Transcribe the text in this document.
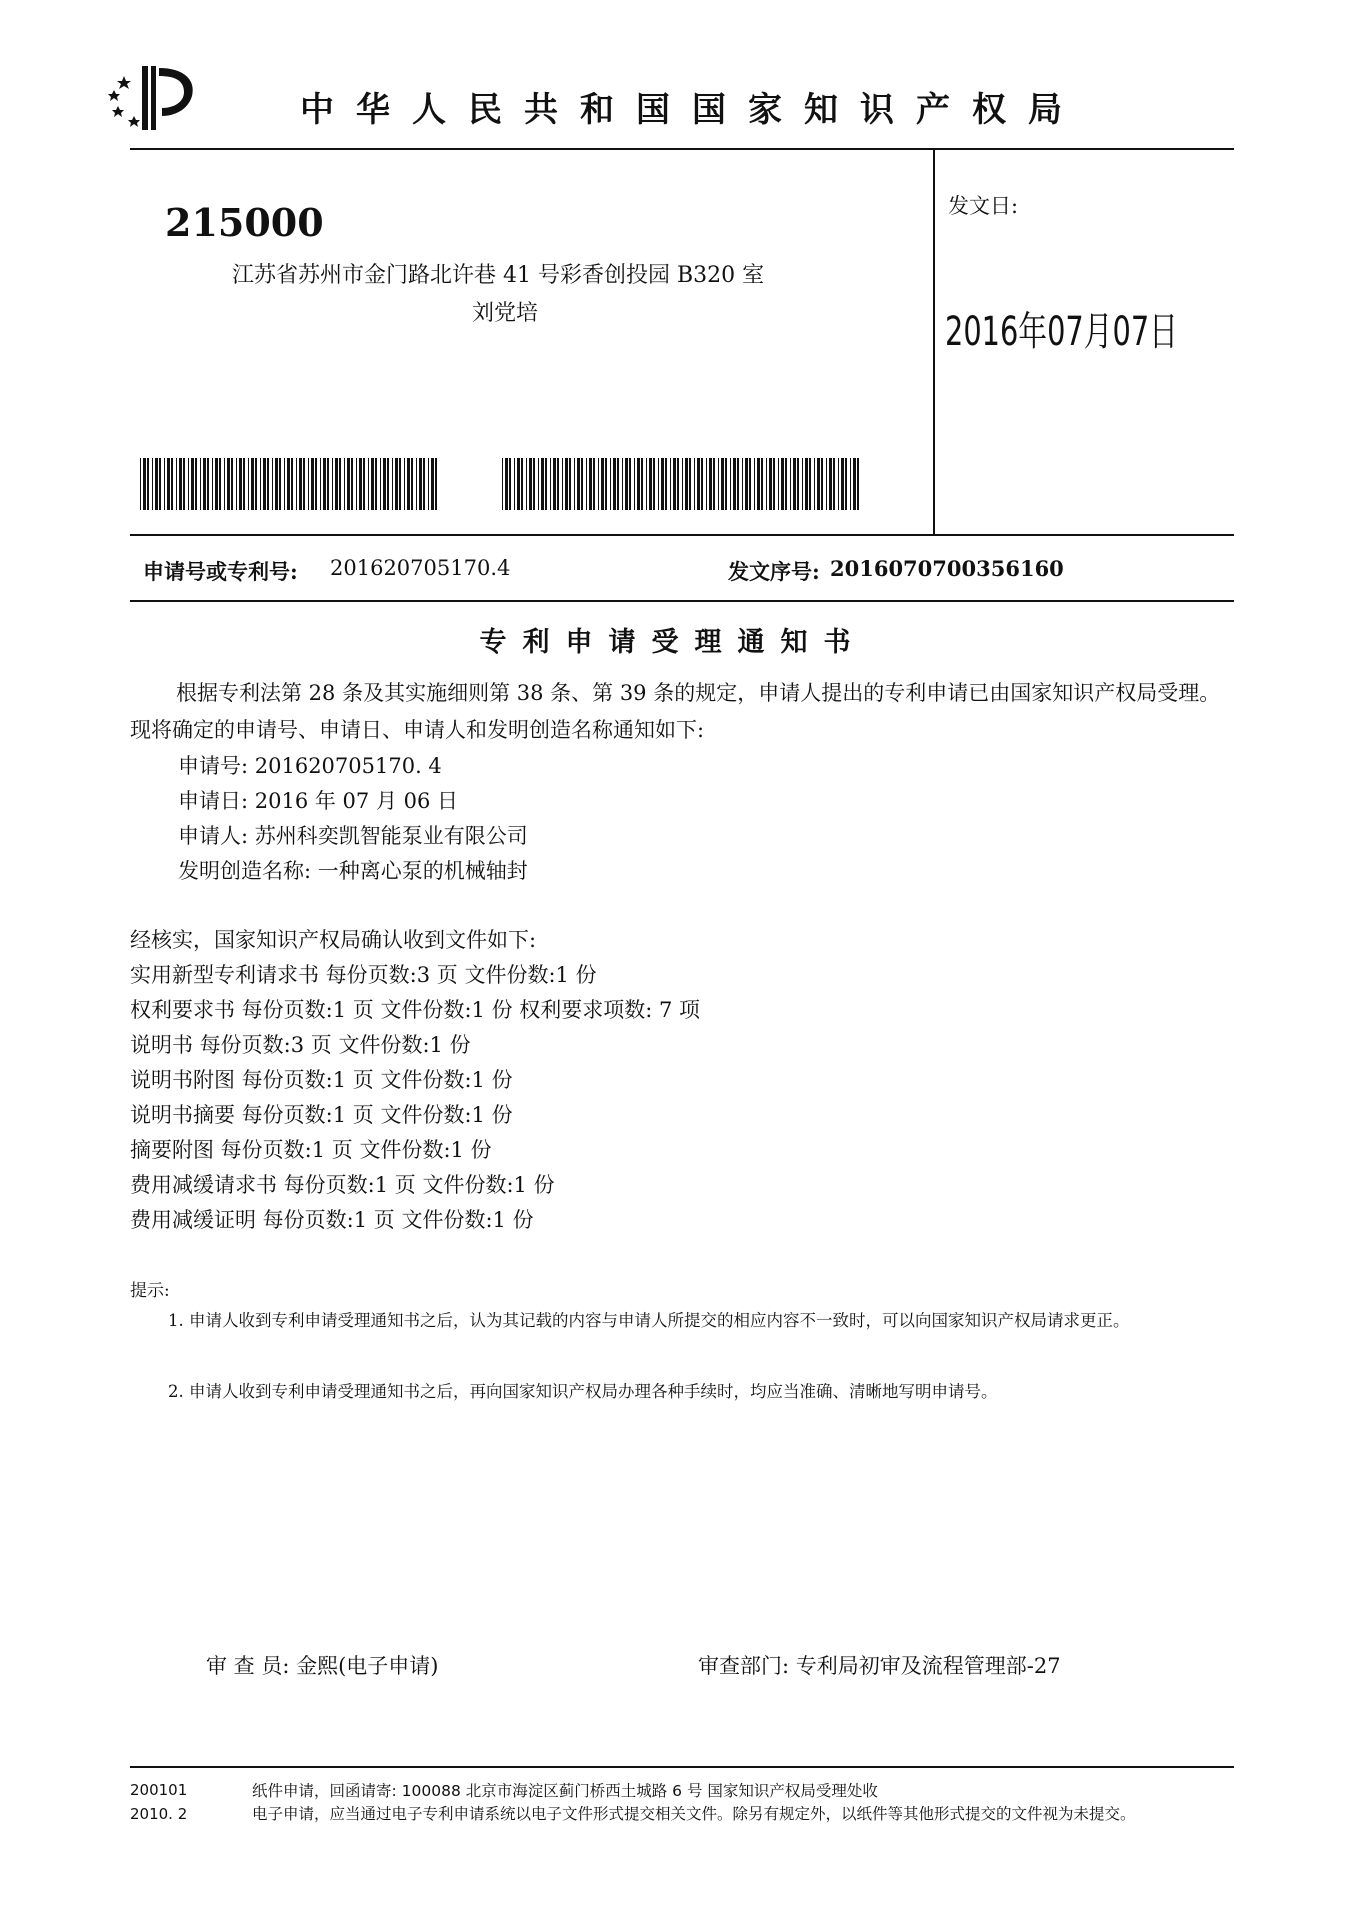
中华人民共和国国家知识产权局
215000
江苏省苏州市金门路北许巷 41 号彩香创投园 B320 室
刘党培
发文日:
2016年07月07日
申请号或专利号: 201620705170.4	发文序号: 2016070700356160
专利申请受理通知书
根据专利法第 28 条及其实施细则第 38 条、第 39 条的规定，申请人提出的专利申请已由国家知识产权局受理。现将确定的申请号、申请日、申请人和发明创造名称通知如下:
申请号: 201620705170. 4
申请日: 2016 年 07 月 06 日
申请人: 苏州科奕凯智能泵业有限公司
发明创造名称: 一种离心泵的机械轴封
经核实，国家知识产权局确认收到文件如下:
实用新型专利请求书 每份页数:3 页 文件份数:1 份
权利要求书 每份页数:1 页 文件份数:1 份 权利要求项数: 7 项
说明书 每份页数:3 页 文件份数:1 份
说明书附图 每份页数:1 页 文件份数:1 份
说明书摘要 每份页数:1 页 文件份数:1 份
摘要附图 每份页数:1 页 文件份数:1 份
费用减缓请求书 每份页数:1 页 文件份数:1 份
费用减缓证明 每份页数:1 页 文件份数:1 份
提示:
1. 申请人收到专利申请受理通知书之后，认为其记载的内容与申请人所提交的相应内容不一致时，可以向国家知识产权局请求更正。
2. 申请人收到专利申请受理通知书之后，再向国家知识产权局办理各种手续时，均应当准确、清晰地写明申请号。
审 查 员: 金熙(电子申请)	审查部门: 专利局初审及流程管理部-27
200101
2010. 2
纸件申请，回函请寄: 100088 北京市海淀区蓟门桥西土城路 6 号 国家知识产权局受理处收
电子申请，应当通过电子专利申请系统以电子文件形式提交相关文件。除另有规定外，以纸件等其他形式提交的文件视为未提交。
